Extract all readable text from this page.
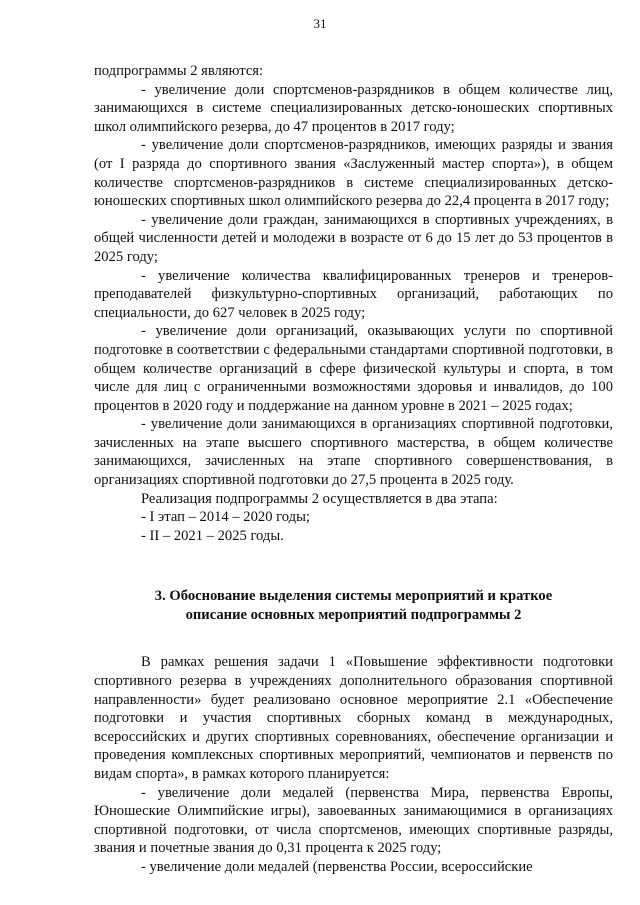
31

подпрограммы 2 являются:

- увеличение доли спортсменов-разрядников в общем количестве лиц, занимающихся в системе специализированных детско-юношеских спортивных школ олимпийского резерва, до 47 процентов в 2017 году;

- увеличение доли спортсменов-разрядников, имеющих разряды и звания (от I разряда до спортивного звания «Заслуженный мастер спорта»), в общем количестве спортсменов-разрядников в системе специализированных детско-юношеских спортивных школ олимпийского резерва до 22,4 процента в 2017 году;

- увеличение доли граждан, занимающихся в спортивных учреждениях, в общей численности детей и молодежи в возрасте от 6 до 15 лет до 53 процентов в 2025 году;

- увеличение количества квалифицированных тренеров и тренеров-преподавателей физкультурно-спортивных организаций, работающих по специальности, до 627 человек в 2025 году;

- увеличение доли организаций, оказывающих услуги по спортивной подготовке в соответствии с федеральными стандартами спортивной подготовки, в общем количестве организаций в сфере физической культуры и спорта, в том числе для лиц с ограниченными возможностями здоровья и инвалидов, до 100 процентов в 2020 году и поддержание на данном уровне в 2021 – 2025 годах;

- увеличение доли занимающихся в организациях спортивной подготовки, зачисленных на этапе высшего спортивного мастерства, в общем количестве занимающихся, зачисленных на этапе спортивного совершенствования, в организациях спортивной подготовки до 27,5 процента в 2025 году.

Реализация подпрограммы 2 осуществляется в два этапа:

- I этап – 2014 – 2020 годы;

- II – 2021 – 2025 годы.

3. Обоснование выделения системы мероприятий и краткое
описание основных мероприятий подпрограммы 2

В рамках решения задачи 1 «Повышение эффективности подготовки спортивного резерва в учреждениях дополнительного образования спортивной направленности» будет реализовано основное мероприятие 2.1 «Обеспечение подготовки и участия спортивных сборных команд в международных, всероссийских и других спортивных соревнованиях, обеспечение организации и проведения комплексных спортивных мероприятий, чемпионатов и первенств по видам спорта», в рамках которого планируется:

- увеличение доли медалей (первенства Мира, первенства Европы, Юношеские Олимпийские игры), завоеванных занимающимися в организациях спортивной подготовки, от числа спортсменов, имеющих спортивные разряды, звания и почетные звания до 0,31 процента к 2025 году;

- увеличение доли медалей (первенства России, всероссийские
